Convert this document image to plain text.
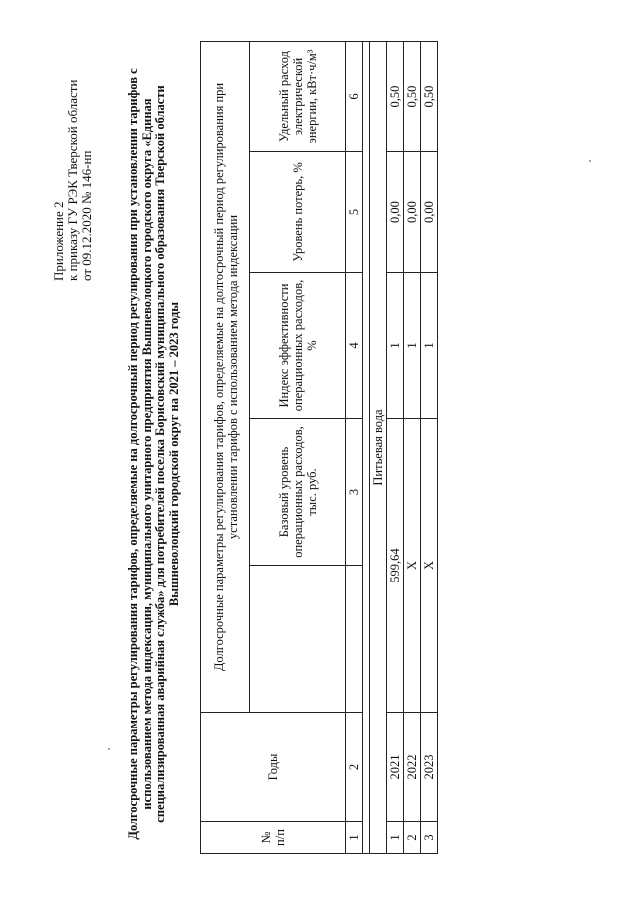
Приложение 2 к приказу ГУ РЭК Тверской области от 09.12.2020 № 146-нп	Долгосрочные параметры регулирования тарифов, определяемые на долгосрочный период регулирования при установлении тарифов с использованием метода индексации, муниципального унитарного предприятия Вышневолоцкого городского округа «Единая специализированная аварийная служба» для потребителей поселка Борисовский муниципального образования Тверской области Вышневолоцкий городской округ на 2021 – 2023 годы
№ п/п	Годы	Долгосрочные параметры регулирования тарифов, определяемые на долгосрочный период регулирования при установлении тарифов с использованием метода индексации				
			Базовый уровень операционных расходов, тыс. руб.	Индекс эффективности операционных расходов, %	Уровень потерь, %	Удельный расход электрической энергии, кВт·ч/м³
1	2		3	4	5	6

Питьевая вода						
1	2021	599,64		1	0,00	0,50
2	2022	Х		1	0,00	0,50
3	2023	Х		1	0,00	0,50
